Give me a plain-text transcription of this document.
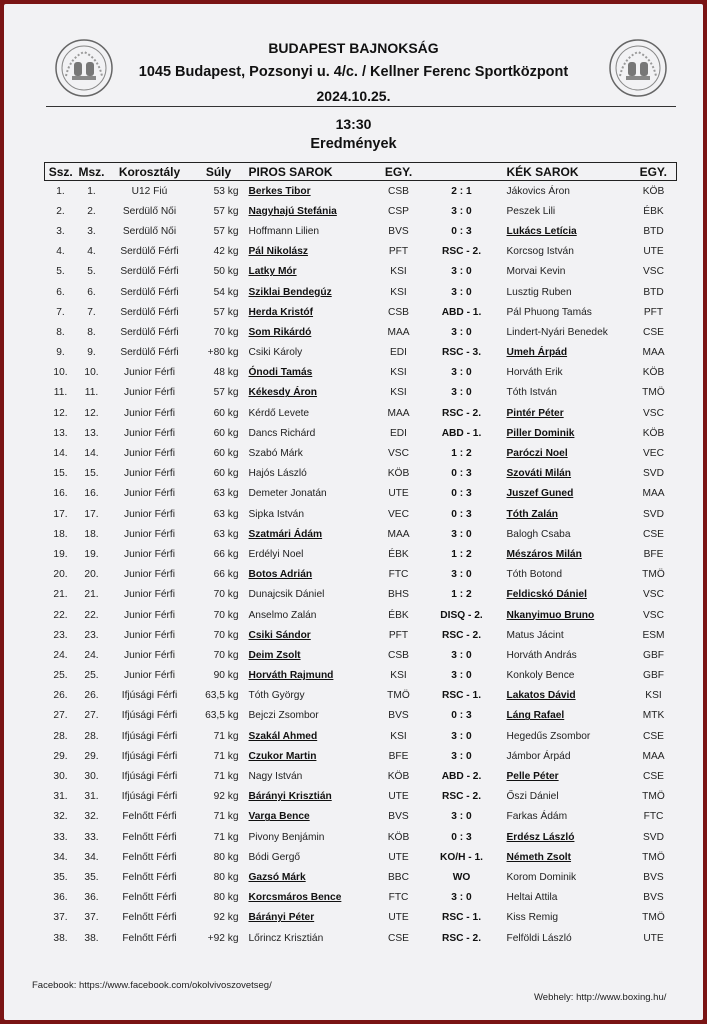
BUDAPEST BAJNOKSÁG
1045 Budapest, Pozsonyi u. 4/c. / Kellner Ferenc Sportközpont
2024.10.25.
13:30
Eredmények
Ssz.	Msz.	Korosztály	Súly	PIROS SAROK	EGY.		KÉK SAROK	EGY.
1.	1.	U12 Fiú	53 kg	Berkes Tibor	CSB	2 : 1	Jákovics Áron	KÖB
2.	2.	Serdülő Női	57 kg	Nagyhajú Stefánia	CSP	3 : 0	Peszek Lili	ÉBK
3.	3.	Serdülő Női	57 kg	Hoffmann Lilien	BVS	0 : 3	Lukács Letícia	BTD
4.	4.	Serdülő Férfi	42 kg	Pál Nikolász	PFT	RSC - 2.	Korcsog István	UTE
5.	5.	Serdülő Férfi	50 kg	Latky Mór	KSI	3 : 0	Morvai Kevin	VSC
6.	6.	Serdülő Férfi	54 kg	Sziklai Bendegúz	KSI	3 : 0	Lusztig Ruben	BTD
7.	7.	Serdülő Férfi	57 kg	Herda Kristóf	CSB	ABD - 1.	Pál Phuong Tamás	PFT
8.	8.	Serdülő Férfi	70 kg	Som Rikárdó	MAA	3 : 0	Lindert-Nyári Benedek	CSE
9.	9.	Serdülő Férfi	+80 kg	Csiki Károly	EDI	RSC - 3.	Umeh Árpád	MAA
10.	10.	Junior Férfi	48 kg	Ónodi Tamás	KSI	3 : 0	Horváth Erik	KÖB
11.	11.	Junior Férfi	57 kg	Kékesdy Áron	KSI	3 : 0	Tóth István	TMÖ
12.	12.	Junior Férfi	60 kg	Kérdő Levete	MAA	RSC - 2.	Pintér Péter	VSC
13.	13.	Junior Férfi	60 kg	Dancs Richárd	EDI	ABD - 1.	Piller Dominik	KÖB
14.	14.	Junior Férfi	60 kg	Szabó Márk	VSC	1 : 2	Paróczi Noel	VEC
15.	15.	Junior Férfi	60 kg	Hajós László	KÖB	0 : 3	Szováti Milán	SVD
16.	16.	Junior Férfi	63 kg	Demeter Jonatán	UTE	0 : 3	Juszef Guned	MAA
17.	17.	Junior Férfi	63 kg	Sipka István	VEC	0 : 3	Tóth Zalán	SVD
18.	18.	Junior Férfi	63 kg	Szatmári Ádám	MAA	3 : 0	Balogh Csaba	CSE
19.	19.	Junior Férfi	66 kg	Erdélyi Noel	ÉBK	1 : 2	Mészáros Milán	BFE
20.	20.	Junior Férfi	66 kg	Botos Adrián	FTC	3 : 0	Tóth Botond	TMÖ
21.	21.	Junior Férfi	70 kg	Dunajcsik Dániel	BHS	1 : 2	Feldicskó Dániel	VSC
22.	22.	Junior Férfi	70 kg	Anselmo Zalán	ÉBK	DISQ - 2.	Nkanyimuo Bruno	VSC
23.	23.	Junior Férfi	70 kg	Csiki Sándor	PFT	RSC - 2.	Matus Jácint	ESM
24.	24.	Junior Férfi	70 kg	Deim Zsolt	CSB	3 : 0	Horváth András	GBF
25.	25.	Junior Férfi	90 kg	Horváth Rajmund	KSI	3 : 0	Konkoly Bence	GBF
26.	26.	Ifjúsági Férfi	63,5 kg	Tóth György	TMÖ	RSC - 1.	Lakatos Dávid	KSI
27.	27.	Ifjúsági Férfi	63,5 kg	Bejczi Zsombor	BVS	0 : 3	Láng Rafael	MTK
28.	28.	Ifjúsági Férfi	71 kg	Szakál Ahmed	KSI	3 : 0	Hegedűs Zsombor	CSE
29.	29.	Ifjúsági Férfi	71 kg	Czukor Martin	BFE	3 : 0	Jámbor Árpád	MAA
30.	30.	Ifjúsági Férfi	71 kg	Nagy István	KÖB	ABD - 2.	Pelle Péter	CSE
31.	31.	Ifjúsági Férfi	92 kg	Bárányi Krisztián	UTE	RSC - 2.	Őszi Dániel	TMÖ
32.	32.	Felnőtt Férfi	71 kg	Varga Bence	BVS	3 : 0	Farkas Ádám	FTC
33.	33.	Felnőtt Férfi	71 kg	Pivony Benjámin	KÖB	0 : 3	Erdész László	SVD
34.	34.	Felnőtt Férfi	80 kg	Bódi Gergő	UTE	KO/H - 1.	Németh Zsolt	TMÖ
35.	35.	Felnőtt Férfi	80 kg	Gazsó Márk	BBC	WO	Korom Dominik	BVS
36.	36.	Felnőtt Férfi	80 kg	Korcsmáros Bence	FTC	3 : 0	Heltai Attila	BVS
37.	37.	Felnőtt Férfi	92 kg	Bárányi Péter	UTE	RSC - 1.	Kiss Remig	TMÖ
38.	38.	Felnőtt Férfi	+92 kg	Lőrincz Krisztián	CSE	RSC - 2.	Felföldi László	UTE
Facebook: https://www.facebook.com/okolvivoszovetseg/
Webhely: http://www.boxing.hu/
